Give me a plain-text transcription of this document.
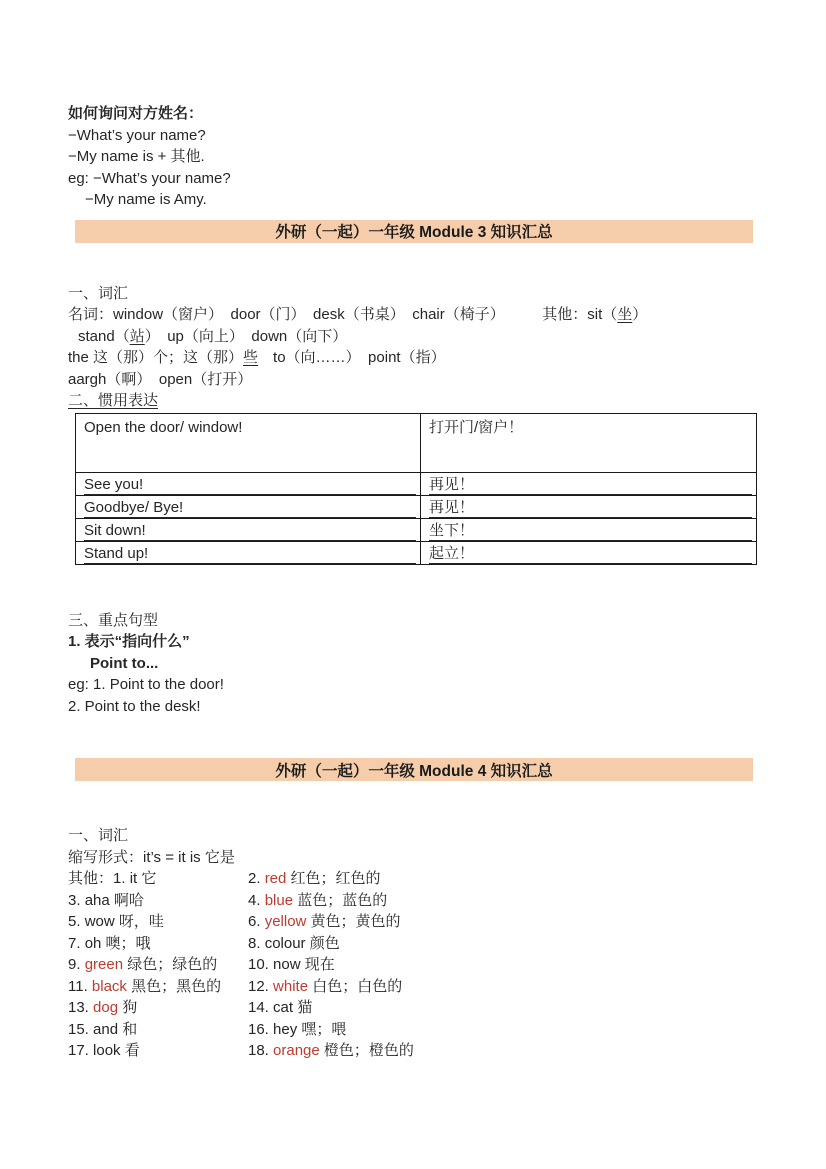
如何询问对方姓名：

−What’s your name?

−My name is + 其他.

eg: −What’s your name?

−My name is Amy.

外研（一起）一年级 Module 3 知识汇总

一、词汇

名词：window（窗户）　door（门）　desk（书桌）　chair（椅子）　　　其他：sit（坐）

stand（站）　up（向上）　down（向下）

the 这（那）个；这（那）些　to（向……）　point（指）

aargh（啊）　open（打开）

二、惯用表达

Open the door/ window!	打开门/窗户！

See you!	再见！

Goodbye/ Bye!	再见！

Sit down!	坐下！

Stand up!	起立！

三、重点句型

1. 表示“指向什么”

Point to...

eg: 1. Point to the door!

2. Point to the desk!

外研（一起）一年级 Module 4 知识汇总

一、词汇

缩写形式：it’s = it is 它是

其他：1. it 它	2. red 红色；红色的
3. aha 啊哈	4. blue 蓝色；蓝色的
5. wow 呀，哇	6. yellow 黄色；黄色的
7. oh 噢；哦	8. colour 颜色
9. green 绿色；绿色的	10. now 现在
11. black 黑色；黑色的	12. white 白色；白色的
13. dog 狗	14. cat 猫
15. and 和	16. hey 嘿；喂
17. look 看	18. orange 橙色；橙色的
